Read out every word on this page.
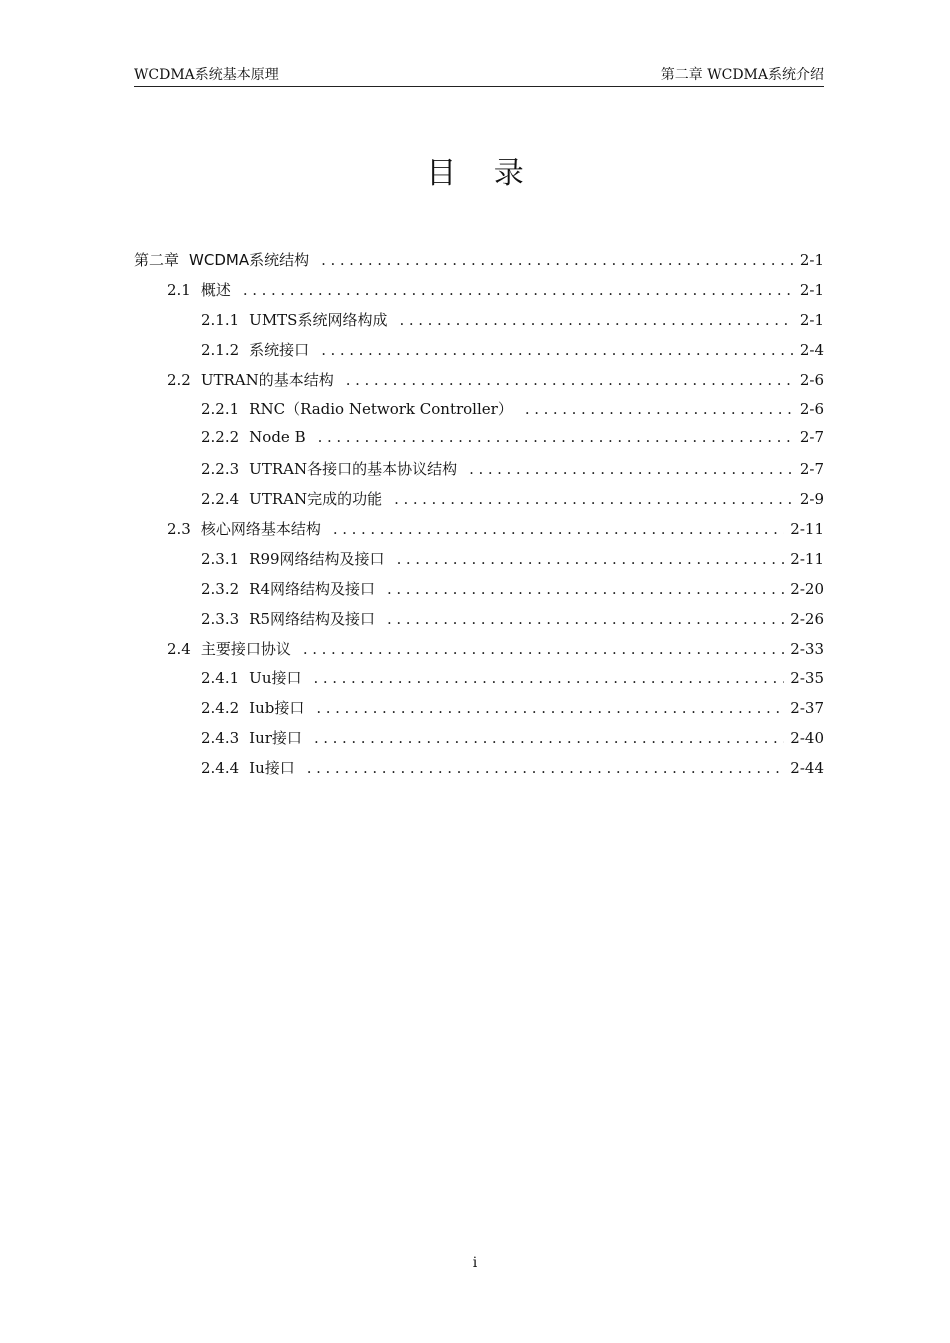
WCDMA系统基本原理	第二章 WCDMA系统介绍
目 录
第二章 WCDMA系统结构 .....	2-1
2.1 概述 .....	2-1
2.1.1 UMTS系统网络构成 .....	2-1
2.1.2 系统接口 .....	2-4
2.2 UTRAN的基本结构 .....	2-6
2.2.1 RNC（Radio Network Controller） .....	2-6
2.2.2 Node B .....	2-7
2.2.3 UTRAN各接口的基本协议结构 .....	2-7
2.2.4 UTRAN完成的功能 .....	2-9
2.3 核心网络基本结构 .....	2-11
2.3.1 R99网络结构及接口 .....	2-11
2.3.2 R4网络结构及接口 .....	2-20
2.3.3 R5网络结构及接口 .....	2-26
2.4 主要接口协议 .....	2-33
2.4.1 Uu接口 .....	2-35
2.4.2 Iub接口 .....	2-37
2.4.3 Iur接口 .....	2-40
2.4.4 Iu接口 .....	2-44
i
